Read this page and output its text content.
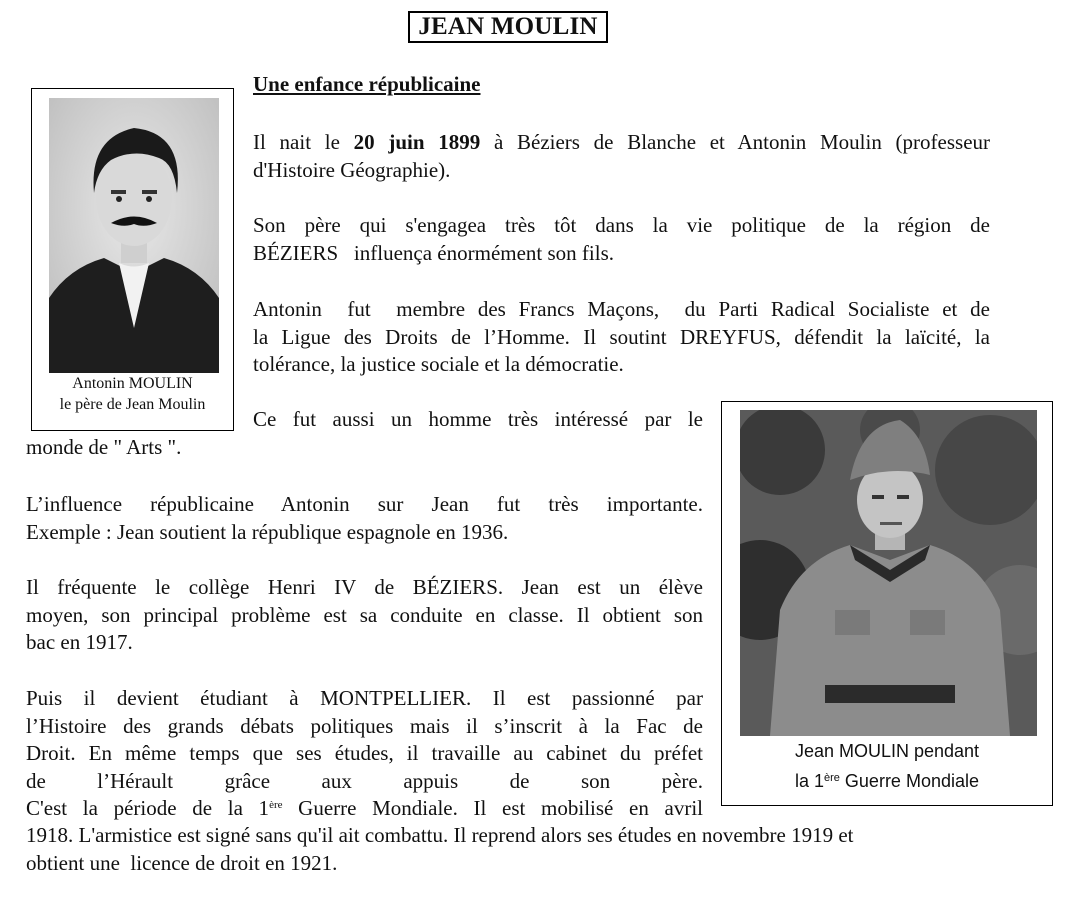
JEAN MOULIN
Antonin MOULIN
le père de Jean Moulin
Jean MOULIN pendant
la 1ère Guerre Mondiale
Une enfance républicaine
Il nait le 20 juin 1899 à Béziers de Blanche et Antonin Moulin (professeur
d'Histoire Géographie).
Son père qui s'engagea très tôt dans la vie politique de la région de
BÉZIERS   influença énormément son fils.
Antonin  fut  membre des Francs Maçons,  du Parti Radical Socialiste et de
la Ligue des Droits de l’Homme. Il soutint DREYFUS, défendit la laïcité, la
tolérance, la justice sociale et la démocratie.
Ce fut aussi un homme très intéressé par le
monde de " Arts ".
L’influence républicaine Antonin sur Jean fut très importante.
Exemple : Jean soutient la république espagnole en 1936.
Il fréquente le collège Henri IV de BÉZIERS. Jean est un élève
moyen, son principal problème est sa conduite en classe. Il obtient son
bac en 1917.
Puis il devient étudiant à MONTPELLIER. Il est passionné par
l’Histoire des grands débats politiques mais il s’inscrit à la Fac de
Droit. En même temps que ses études, il travaille au cabinet du préfet
de l’Hérault grâce aux appuis de son père.
C'est la période de la 1ère Guerre Mondiale. Il est mobilisé en avril
1918. L'armistice est signé sans qu'il ait combattu. Il reprend alors ses études en novembre 1919 et
obtient une  licence de droit en 1921.
